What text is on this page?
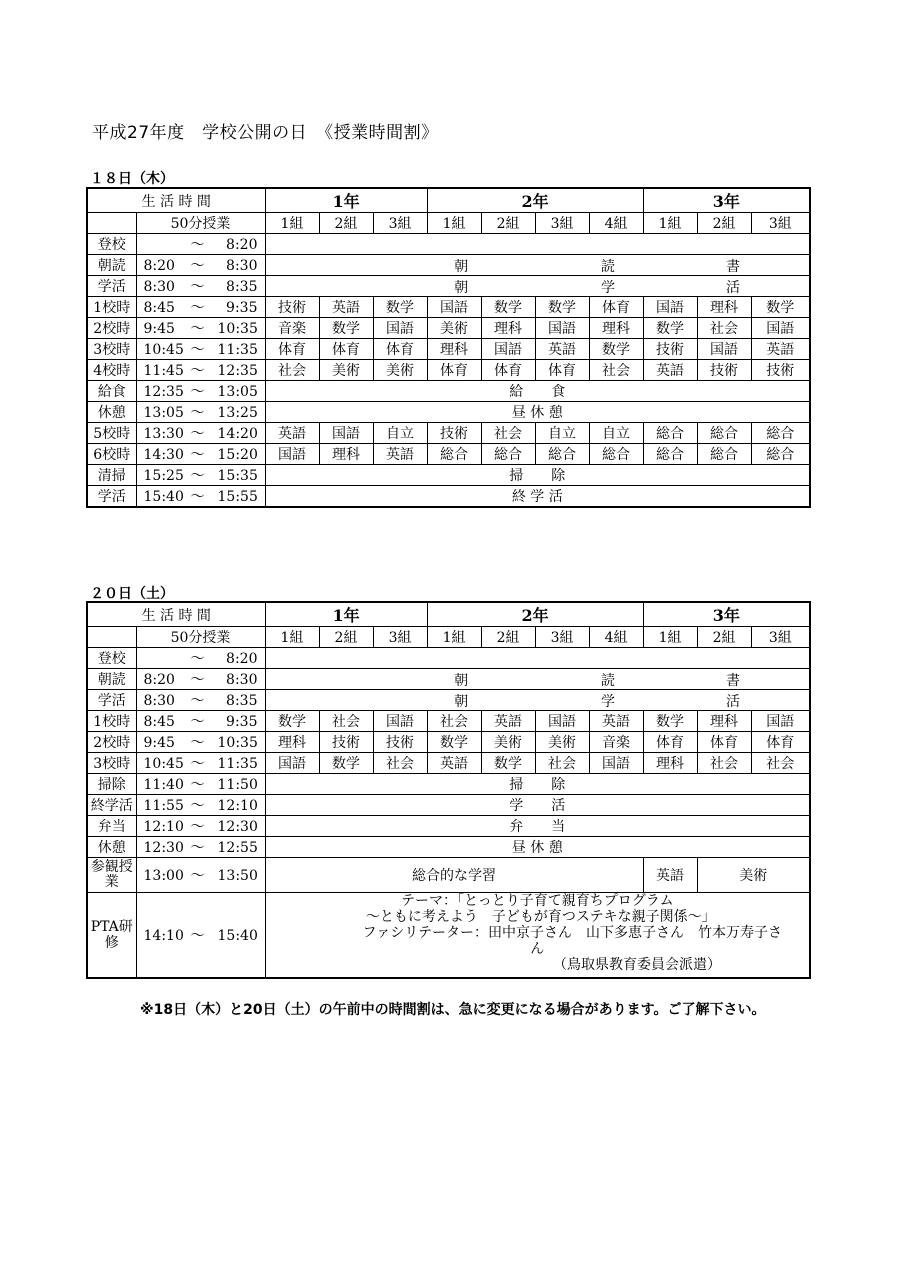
平成27年度　学校公開の日　《授業時間割》
１８日（木）
生 活 時 間		1年			2年				3年		
	50分授業	1組	2組	3組	1組	2組	3組	4組	1組	2組	3組
登校	～ 8:20										
朝読	8:20 ～ 8:30	朝 読 書									

学活	8:30 ～ 8:35	朝 学 活									

1校時	8:45 ～ 9:35	技術	英語	数学	国語	数学	数学	体育	国語	理科	数学
2校時	9:45 ～ 10:35	音楽	数学	国語	美術	理科	国語	理科	数学	社会	国語
3校時	10:45 ～ 11:35	体育	体育	体育	理科	国語	英語	数学	技術	国語	英語
4校時	11:45 ～ 12:35	社会	美術	美術	体育	体育	体育	社会	英語	技術	技術
給食	12:35 ～ 13:05	給　　食									
休憩	13:05 ～ 13:25	昼 休 憩									
5校時	13:30 ～ 14:20	英語	国語	自立	技術	社会	自立	自立	総合	総合	総合
6校時	14:30 ～ 15:20	国語	理科	英語	総合	総合	総合	総合	総合	総合	総合
清掃	15:25 ～ 15:35	掃　　除									
学活	15:40 ～ 15:55	終 学 活									
２０日（土）
生 活 時 間		1年			2年				3年		
	50分授業	1組	2組	3組	1組	2組	3組	4組	1組	2組	3組
登校	～ 8:20										
朝読	8:20 ～ 8:30	朝 読 書									

学活	8:30 ～ 8:35	朝 学 活									

1校時	8:45 ～ 9:35	数学	社会	国語	社会	英語	国語	英語	数学	理科	国語
2校時	9:45 ～ 10:35	理科	技術	技術	数学	美術	美術	音楽	体育	体育	体育
3校時	10:45 ～ 11:35	国語	数学	社会	英語	数学	社会	国語	理科	社会	社会
掃除	11:40 ～ 11:50	掃　　除									
終学活	11:55 ～ 12:10	学　　活									
弁当	12:10 ～ 12:30	弁　　当									
休憩	12:30 ～ 12:55	昼 休 憩									
参観授業	13:00 ～ 13:50	総合的な学習							英語	美術	
PTA研修	14:10 ～ 15:40	テーマ：｢とっとり子育て親育ちプログラム
～ともに考えよう　子どもが育つステキな親子関係～｣
　　　　　ファシリテーター：田中京子さん　山下多恵子さん　竹本万寿子さ
ん
（鳥取県教育委員会派遣）									
※18日（木）と20日（土）の午前中の時間割は、急に変更になる場合があります。ご了解下さい。
